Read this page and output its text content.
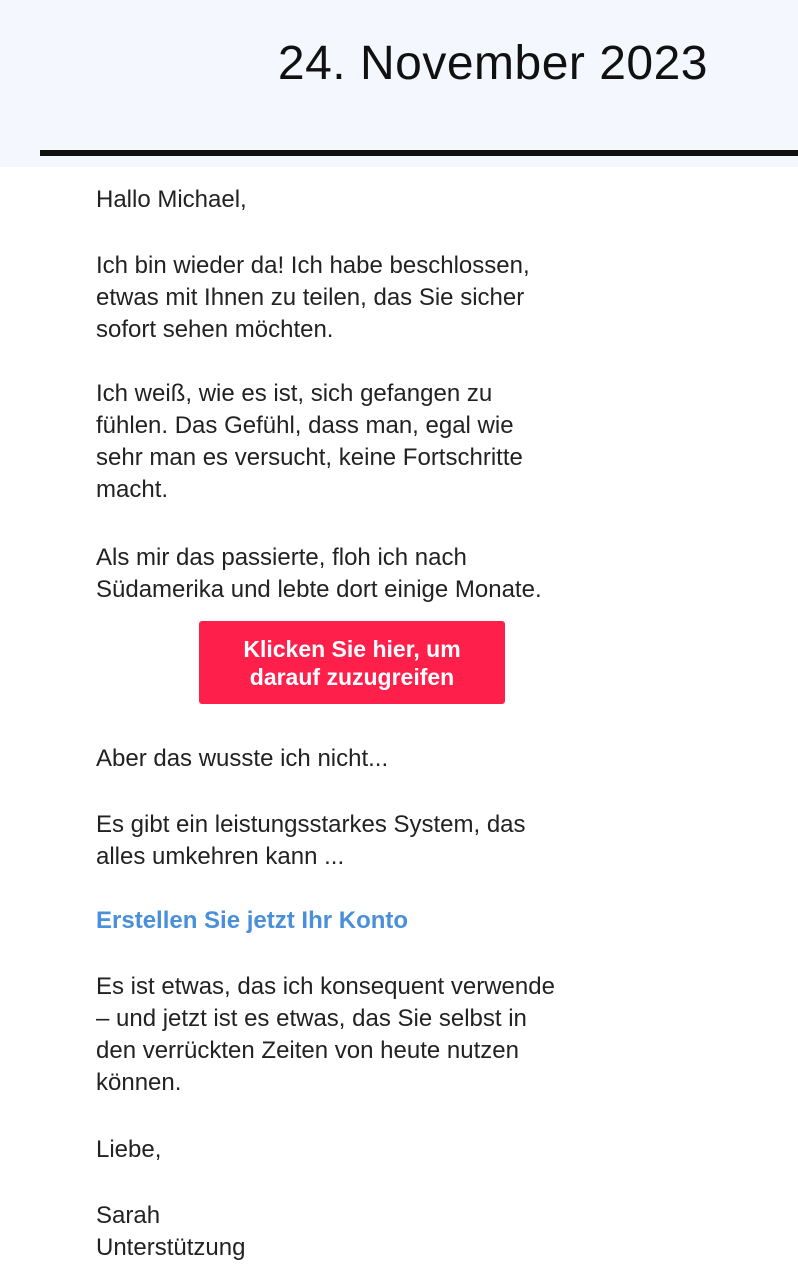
24. November 2023

Hallo Michael,

Ich bin wieder da! Ich habe beschlossen,
etwas mit Ihnen zu teilen, das Sie sicher
sofort sehen möchten.

Ich weiß, wie es ist, sich gefangen zu
fühlen. Das Gefühl, dass man, egal wie
sehr man es versucht, keine Fortschritte
macht.

Als mir das passierte, floh ich nach
Südamerika und lebte dort einige Monate.

Aber das wusste ich nicht...

Es gibt ein leistungsstarkes System, das
alles umkehren kann ...

Es ist etwas, das ich konsequent verwende
– und jetzt ist es etwas, das Sie selbst in
den verrückten Zeiten von heute nutzen
können.

Liebe,

Sarah

Unterstützung

Klicken Sie hier, um
darauf zuzugreifen
Erstellen Sie jetzt Ihr Konto
